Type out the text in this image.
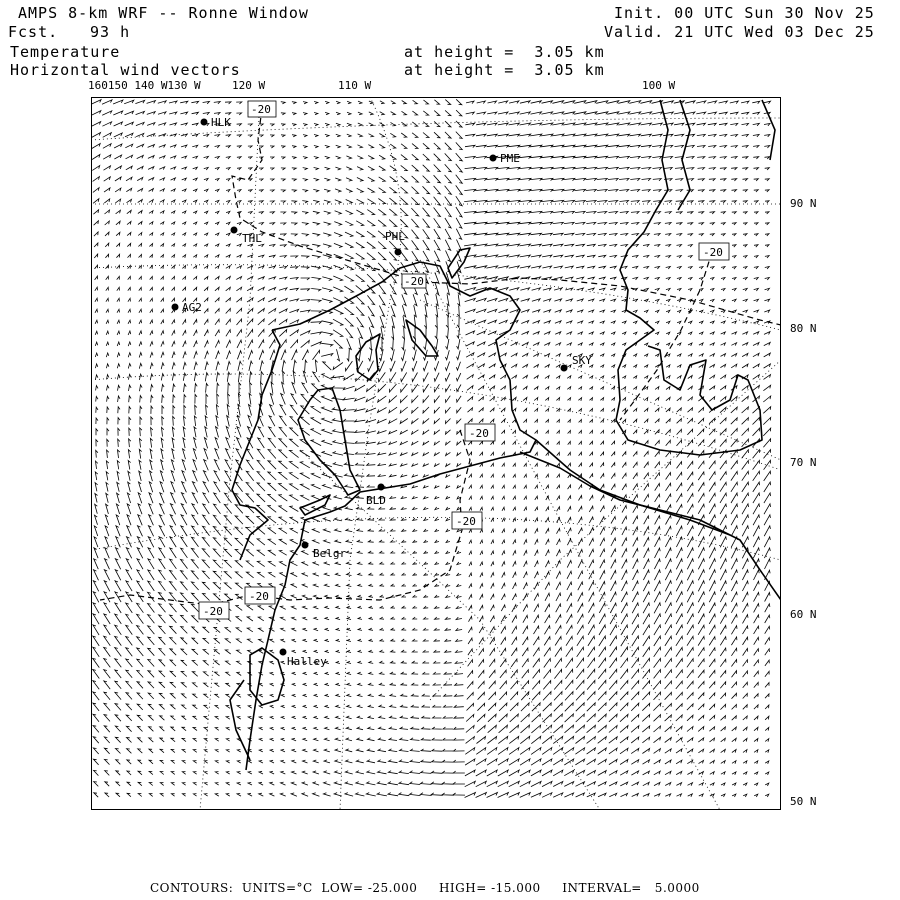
AMPS 8-km WRF -- Ronne Window
Fcst. 93 h
Temperature
Horizontal wind vectors
Init. 00 UTC Sun 30 Nov 25
Valid. 21 UTC Wed 03 Dec 25
at height =  3.05 km
at height =  3.05 km
160150 140 W130 W	120 W	110 W	100 W
90 N
80 N
70 N
60 N
50 N
-20
-20
-20
-20
-20
-20
-20
HLK
PME
THL	PHL
AG2
SKY
BLD
Belgr
Halley
CONTOURS:  UNITS=°C  LOW= -25.000     HIGH= -15.000     INTERVAL=   5.0000
